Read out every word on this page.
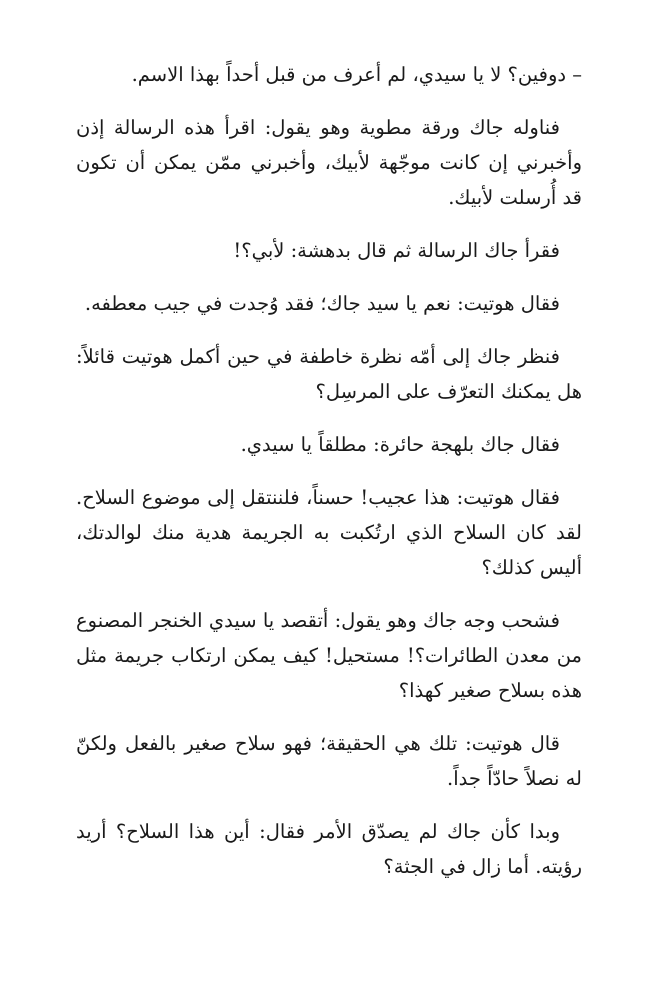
– دوفين؟ لا يا سيدي، لم أعرف من قبل أحداً بهذا الاسم.

فناوله جاك ورقة مطوية وهو يقول: اقرأ هذه الرسالة إذن وأخبرني إن كانت موجّهة لأبيك، وأخبرني ممّن يمكن أن تكون قد أُرسلت لأبيك.

فقرأ جاك الرسالة ثم قال بدهشة: لأبي؟!

فقال هوتيت: نعم يا سيد جاك؛ فقد وُجدت في جيب معطفه.

فنظر جاك إلى أمّه نظرة خاطفة في حين أكمل هوتيت قائلاً: هل يمكنك التعرّف على المرسِل؟

فقال جاك بلهجة حائرة: مطلقاً يا سيدي.

فقال هوتيت: هذا عجيب! حسناً، فلننتقل إلى موضوع السلاح. لقد كان السلاح الذي ارتُكبت به الجريمة هدية منك لوالدتك، أليس كذلك؟

فشحب وجه جاك وهو يقول: أتقصد يا سيدي الخنجر المصنوع من معدن الطائرات؟! مستحيل! كيف يمكن ارتكاب جريمة مثل هذه بسلاح صغير كهذا؟

قال هوتيت: تلك هي الحقيقة؛ فهو سلاح صغير بالفعل ولكنّ له نصلاً حادّاً جداً.

وبدا كأن جاك لم يصدّق الأمر فقال: أين هذا السلاح؟ أريد رؤيته. أما زال في الجثة؟
